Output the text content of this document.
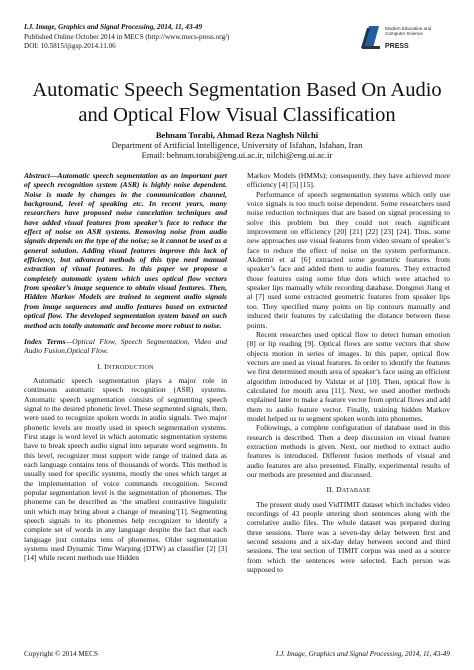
I.J. Image, Graphics and Signal Processing, 2014, 11, 43-49
Published Online October 2014 in MECS (http://www.mecs-press.org/)
DOI: 10.5815/ijigsp.2014.11.06
Modern Education and Computer Science
PRESS
Automatic Speech Segmentation Based On Audio and Optical Flow Visual Classification
Behnam Torabi, Ahmad Reza Naghsh Nilchi
Department of Artificial Intelligence, University of Isfahan, Isfahan, Iran
Email: behnam.torabi@eng.ui.ac.ir, nilchi@eng.ui.ac.ir

Abstract—Automatic speech segmentation as an important part of speech recognition system (ASR) is highly noise dependent. Noise is made by changes in the communication channel, background, level of speaking etc. In recent years, many researchers have proposed noise cancelation techniques and have added visual features from speaker’s face to reduce the effect of noise on ASR systems. Removing noise from audio signals depends on the type of the noise; so it cannot be used as a general solution. Adding visual features improve this lack of efficiency, but advanced methods of this type need manual extraction of visual features. In this paper we propose a completely automatic system which uses optical flow vectors from speaker’s image sequence to obtain visual features. Then, Hidden Markov Models are trained to segment audio signals from image sequences and audio features based on extracted optical flow. The developed segmentation system based on such method acts totally automatic and become more robust to noise.

Index Terms—Optical Flow, Speech Segmentation, Video and Audio Fusion,Optical Flow.

I. INTRODUCTION

Automatic speech segmentation plays a major role in continuous automatic speech recognition (ASR) systems. Automatic speech segmentation consists of segmenting speech signal to the desired phonetic level. These segmented signals, then, were used to recognize spoken words in audio signals. Two major phonetic levels are mostly used in speech segmentation systems. First stage is word level in which automatic segmentation systems have to break speech audio signal into separate word segments. In this level, recognizer must support wide range of trained data as each language contains tens of thousands of words. This method is usually used for specific systems, mostly the ones which target at the implementation of voice commands recognition. Second popular segmentation level is the segmentation of phonemes. The phoneme can be described as ‘the smallest contrastive linguistic unit which may bring about a change of meaning’[1]. Segmenting speech signals to its phonemes help recognizer to identify a complete set of words in any language despite the fact that each language just contains tens of phonemes. Older segmentation systems used Dynamic Time Warping (DTW) as classifier [2] [3] [14] while recent methods use Hidden

Markov Models (HMMs); consequently, they have achieved more efficiency [4] [5] [15].

Performance of speech segmentation systems which only use voice signals is too much noise dependent. Some researchers used noise reduction techniques that are based on signal processing to solve this problem but they could not reach significant improvement on efficiency [20] [21] [22] [23] [24]. Thus, some new approaches use visual features from video stream of speaker’s face to reduce the effect of noise on the system performance. Akdemir et al [6] extracted some geometric features from speaker’s face and added them to audio features. They extracted those features using some blue dots which were attached to speaker lips manually while recording database. Dongmei Jiang et al [7] used some extracted geometric features from speaker lips too. They specified many points on lip contours manually and induced their features by calculating the distance between these points.

Recent researches used optical flow to detect human emotion [8] or lip reading [9]. Optical flows are some vectors that show objects motion in series of images. In this paper, optical flow vectors are used as visual features. In order to identify the features we first determined mouth area of speaker’s face using an efficient algorithm introduced by Valstar et al [10]. Then, optical flow is calculated for mouth area [11]. Next, we used another methods explained later to make a feature vector from optical flows and add them to audio feature vector. Finally, training hidden Markov model helped us to segment spoken words into phonemes.

Followings, a complete configuration of database used in this research is described. Then a deep discussion on visual feature extraction methods is given. Next, our method to extract audio features is introduced. Different fusion methods of visual and audio features are also presented. Finally, experimental results of our methods are presented and discussed.

II. DATABASE

The present study used VidTIMIT dataset which includes video recordings of 43 people uttering short sentences along with the correlative audio files. The whole dataset was prepared during three sessions. There was a seven-day delay between first and second sessions and a six-day delay between second and third sessions. The test section of TIMIT corpus was used as a source from which the sentences were selected. Each person was supposed to

Copyright © 2014 MECS	I.J. Image, Graphics and Signal Processing, 2014, 11, 43-49
